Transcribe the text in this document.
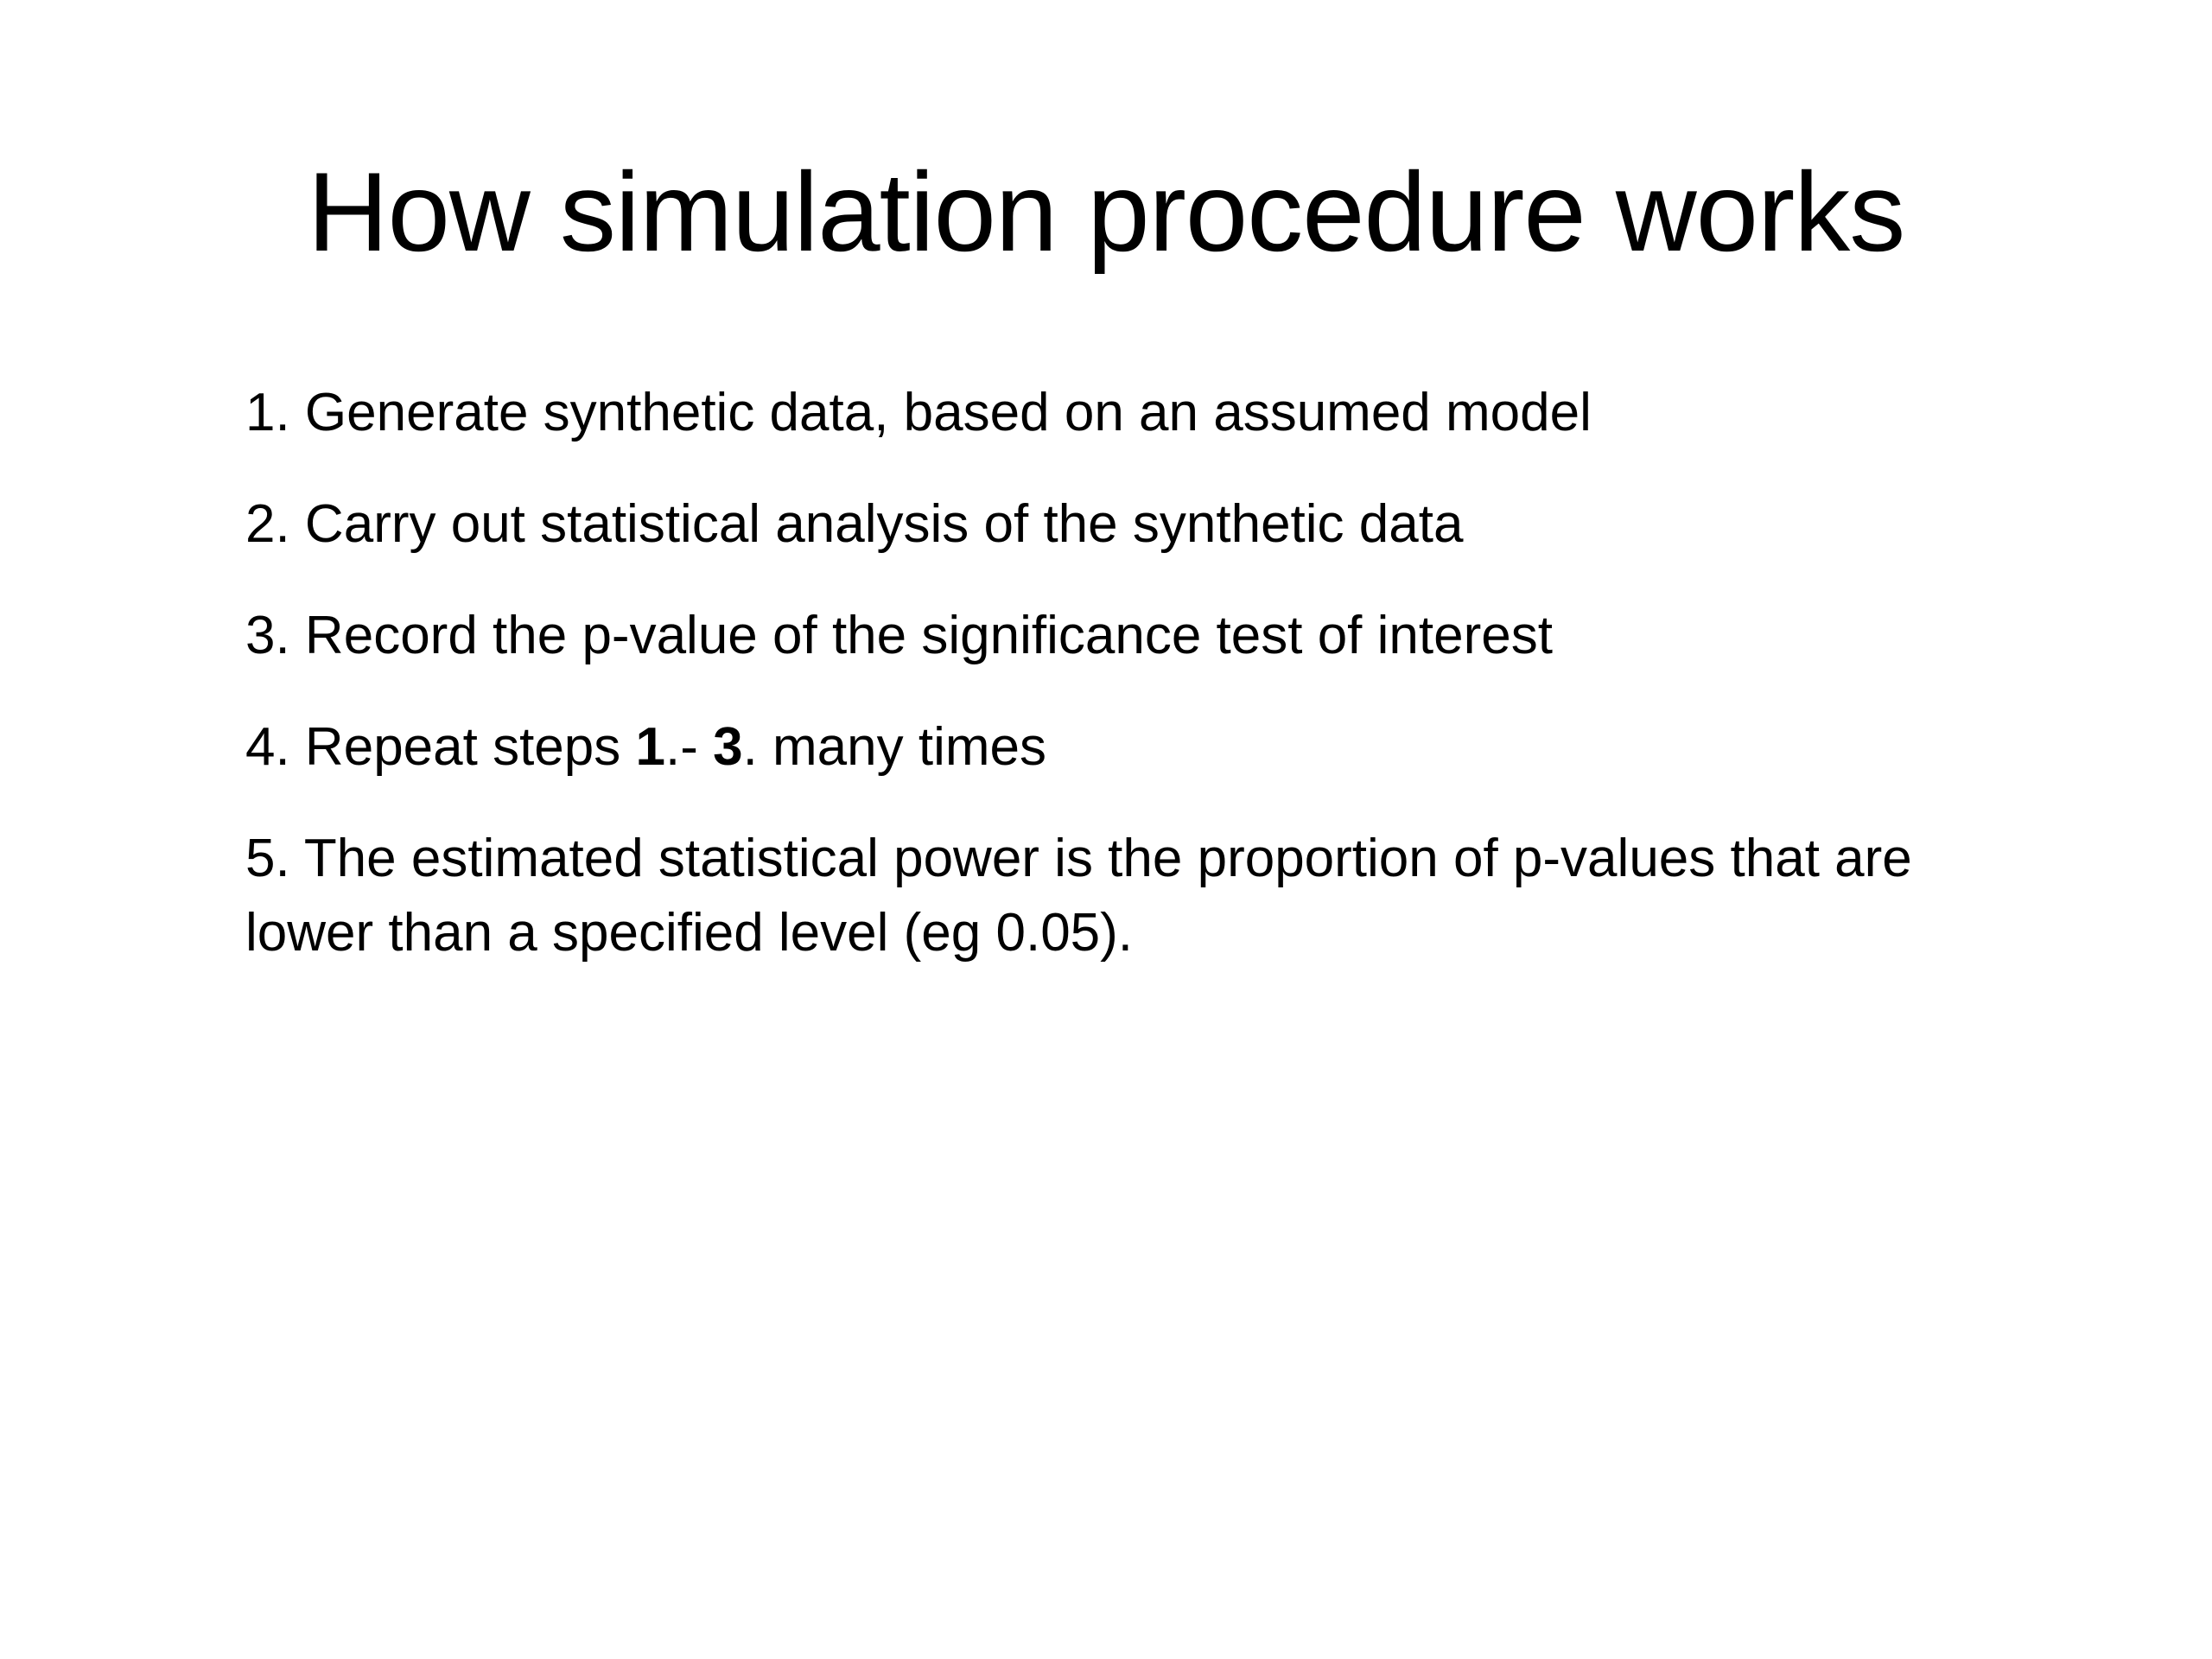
How simulation procedure works
1. Generate synthetic data, based on an assumed model
2. Carry out statistical analysis of the synthetic data
3. Record the p-value of the significance test of interest
4. Repeat steps 1.- 3. many times
5. The estimated statistical power is the proportion of p-values that are lower than a specified level (eg 0.05).
